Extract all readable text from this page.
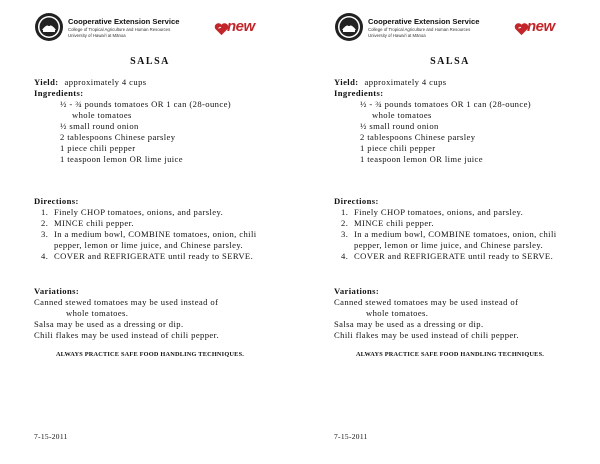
Cooperative Extension Service
College of Tropical Agriculture and Human Resources
University of Hawai'i at Mānoa
new
SALSA
Yield: approximately 4 cups
Ingredients:
½ - ¾ pounds tomatoes OR 1 can (28-ounce)
whole tomatoes
½ small round onion
2 tablespoons Chinese parsley
1 piece chili pepper
1 teaspoon lemon OR lime juice
Directions:
1. Finely CHOP tomatoes, onions, and parsley.
2. MINCE chili pepper.
3. In a medium bowl, COMBINE tomatoes, onion, chili pepper, lemon or lime juice, and Chinese parsley.
4. COVER and REFRIGERATE until ready to SERVE.
Variations:
Canned stewed tomatoes may be used instead of
whole tomatoes.
Salsa may be used as a dressing or dip.
Chili flakes may be used instead of chili pepper.
ALWAYS PRACTICE SAFE FOOD HANDLING TECHNIQUES.
7-15-2011
Cooperative Extension Service
College of Tropical Agriculture and Human Resources
University of Hawai'i at Mānoa
new
SALSA
Yield: approximately 4 cups
Ingredients:
½ - ¾ pounds tomatoes OR 1 can (28-ounce)
whole tomatoes
½ small round onion
2 tablespoons Chinese parsley
1 piece chili pepper
1 teaspoon lemon OR lime juice
Directions:
1. Finely CHOP tomatoes, onions, and parsley.
2. MINCE chili pepper.
3. In a medium bowl, COMBINE tomatoes, onion, chili pepper, lemon or lime juice, and Chinese parsley.
4. COVER and REFRIGERATE until ready to SERVE.
Variations:
Canned stewed tomatoes may be used instead of
whole tomatoes.
Salsa may be used as a dressing or dip.
Chili flakes may be used instead of chili pepper.
ALWAYS PRACTICE SAFE FOOD HANDLING TECHNIQUES.
7-15-2011
